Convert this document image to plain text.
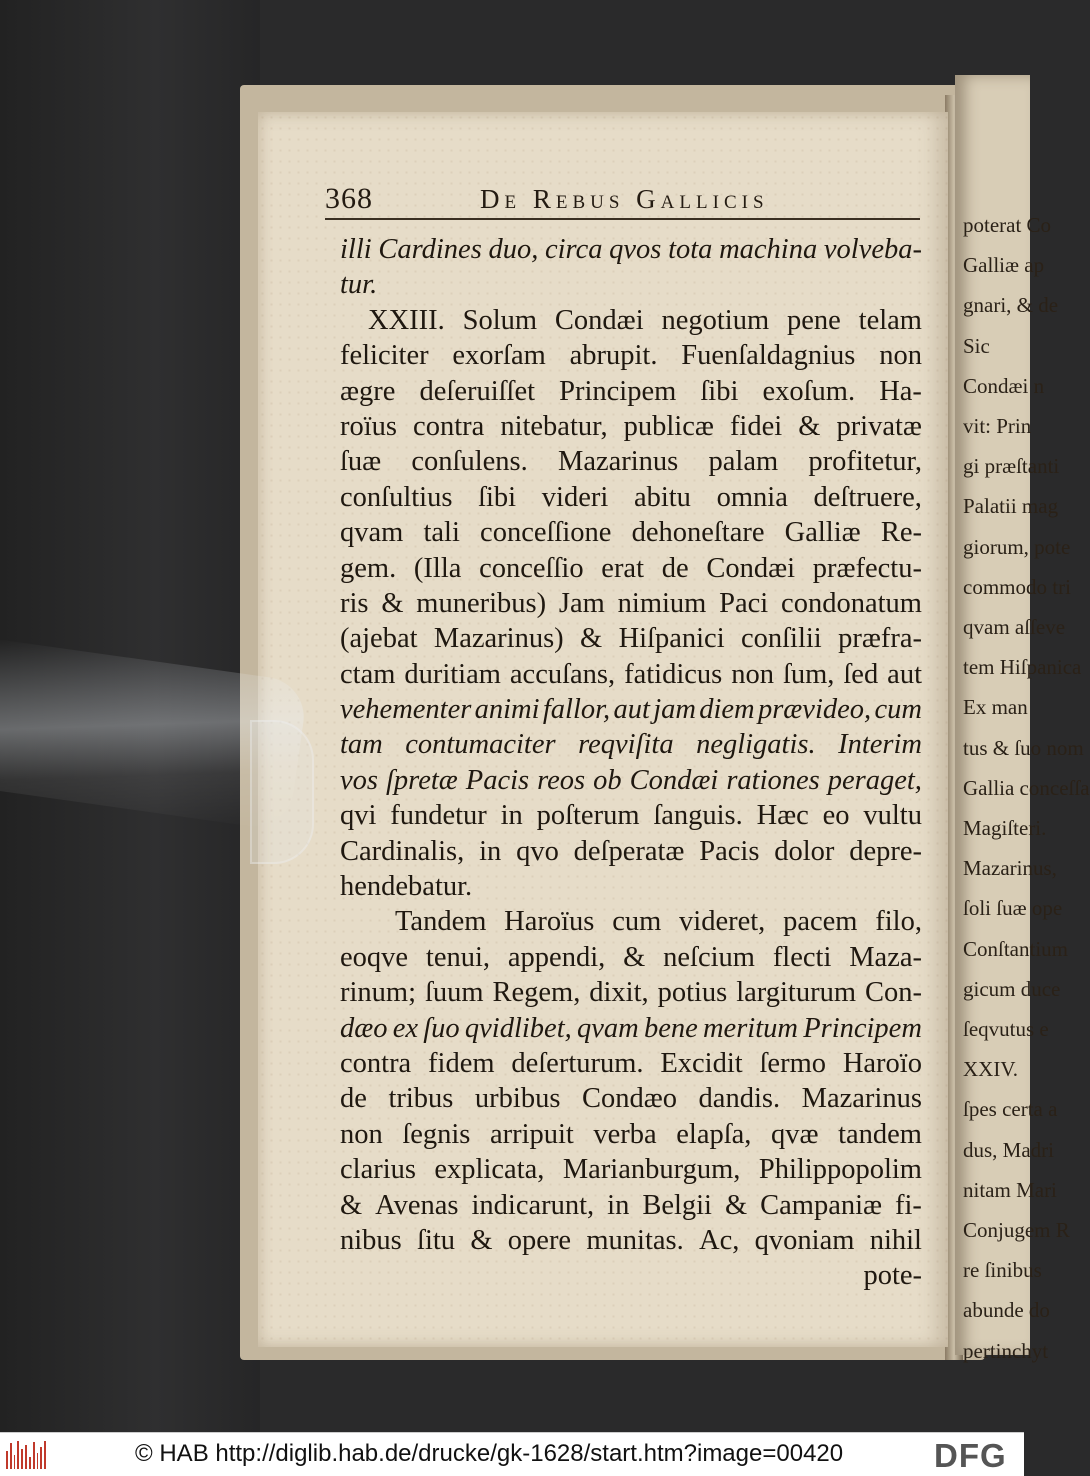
poterat Co
Galliæ ap
gnari, & de
Sic
Condæi n
vit: Prin
gi præſtanti
Palatii mag
giorum, pote
commodo tri
qvam aſſeve
tem Hiſpanica
Ex man
tus & ſuo nom
Gallia conceſſa
Magiſteri.
Mazarinus,
ſoli ſuæ ope
Conſtantium
gicum duce
ſeqvutus e
XXIV.
ſpes certa a
dus, Madri
nitam Mari
Conjugem R
re ſinibus
abunde do
pertinchyt
368	De Rebus Gallicis
illi Cardines duo, circa qvos tota machina volveba-
tur.
XXIII. Solum Condæi negotium pene telam
feliciter exorſam abrupit. Fuenſaldagnius non
ægre deſeruiſſet Principem ſibi exoſum. Ha-
roïus contra nitebatur, publicæ fidei & privatæ
ſuæ conſulens. Mazarinus palam profitetur,
conſultius ſibi videri abitu omnia deſtruere,
qvam tali conceſſione dehoneſtare Galliæ Re-
gem. (Illa conceſſio erat de Condæi præfectu-
ris & muneribus) Jam nimium Paci condonatum
(ajebat Mazarinus) & Hiſpanici conſilii præfra-
ctam duritiam accuſans, fatidicus non ſum, ſed aut
vehementer animi fallor, aut jam diem prævideo, cum
tam contumaciter reqviſita negligatis. Interim
vos ſpretæ Pacis reos ob Condæi rationes peraget,
qvi fundetur in poſterum ſanguis. Hæc eo vultu
Cardinalis, in qvo deſperatæ Pacis dolor depre-
hendebatur.
Tandem Haroïus cum videret, pacem filo,
eoqve tenui, appendi, & neſcium flecti Maza-
rinum; ſuum Regem, dixit, potius largiturum Con-
dæo ex ſuo qvidlibet, qvam bene meritum Principem
contra fidem deſerturum. Excidit ſermo Haroïo
de tribus urbibus Condæo dandis. Mazarinus
non ſegnis arripuit verba elapſa, qvæ tandem
clarius explicata, Marianburgum, Philippopolim
& Avenas indicarunt, in Belgii & Campaniæ fi-
nibus ſitu & opere munitas. Ac, qvoniam nihil
pote-
© HAB http://diglib.hab.de/drucke/gk-1628/start.htm?image=00420	DFG
